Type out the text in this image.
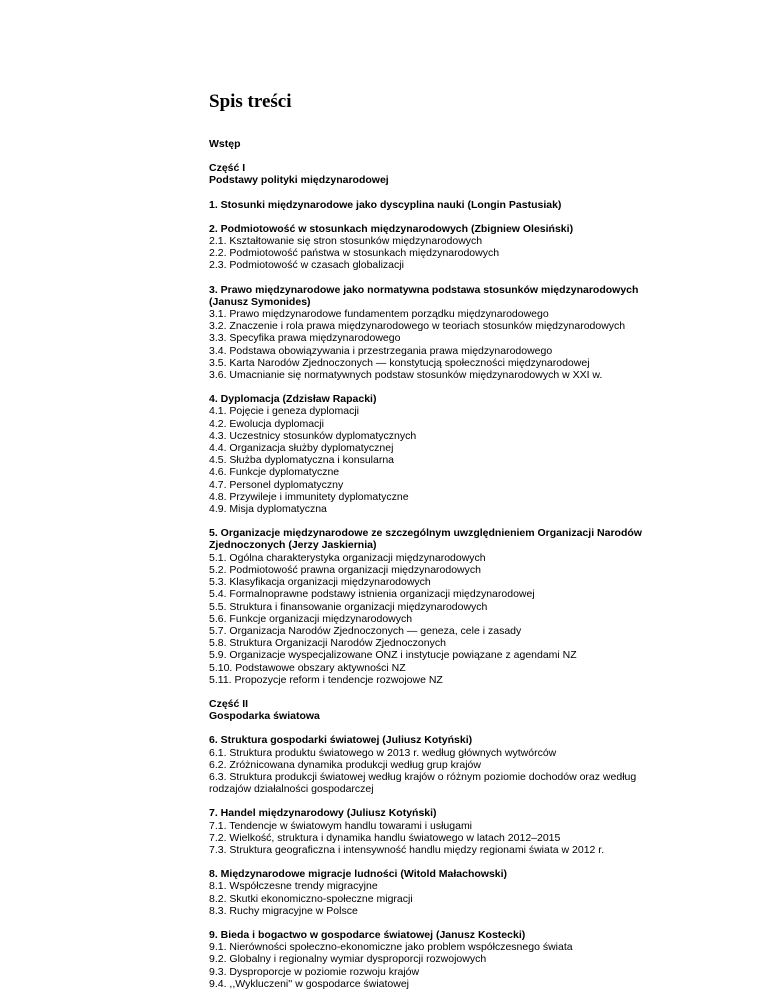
Spis treści
Wstęp
Część I
Podstawy polityki międzynarodowej
1. Stosunki międzynarodowe jako dyscyplina nauki (Longin Pastusiak)
2. Podmiotowość w stosunkach międzynarodowych (Zbigniew Olesiński)
2.1. Kształtowanie się stron stosunków międzynarodowych
2.2. Podmiotowość państwa w stosunkach międzynarodowych
2.3. Podmiotowość w czasach globalizacji
3. Prawo międzynarodowe jako normatywna podstawa stosunków międzynarodowych
(Janusz Symonides)
3.1. Prawo międzynarodowe fundamentem porządku międzynarodowego
3.2. Znaczenie i rola prawa międzynarodowego w teoriach stosunków międzynarodowych
3.3. Specyfika prawa międzynarodowego
3.4. Podstawa obowiązywania i przestrzegania prawa międzynarodowego
3.5. Karta Narodów Zjednoczonych — konstytucją społeczności międzynarodowej
3.6. Umacnianie się normatywnych podstaw stosunków międzynarodowych w XXI w.
4. Dyplomacja (Zdzisław Rapacki)
4.1. Pojęcie i geneza dyplomacji
4.2. Ewolucja dyplomacji
4.3. Uczestnicy stosunków dyplomatycznych
4.4. Organizacja służby dyplomatycznej
4.5. Służba dyplomatyczna i konsularna
4.6. Funkcje dyplomatyczne
4.7. Personel dyplomatyczny
4.8. Przywileje i immunitety dyplomatyczne
4.9. Misja dyplomatyczna
5. Organizacje międzynarodowe ze szczególnym uwzględnieniem Organizacji Narodów
Zjednoczonych (Jerzy Jaskiernia)
5.1. Ogólna charakterystyka organizacji międzynarodowych
5.2. Podmiotowość prawna organizacji międzynarodowych
5.3. Klasyfikacja organizacji międzynarodowych
5.4. Formalnoprawne podstawy istnienia organizacji międzynarodowej
5.5. Struktura i finansowanie organizacji międzynarodowych
5.6. Funkcje organizacji międzynarodowych
5.7. Organizacja Narodów Zjednoczonych — geneza, cele i zasady
5.8. Struktura Organizacji Narodów Zjednoczonych
5.9. Organizacje wyspecjalizowane ONZ i instytucje powiązane z agendami NZ
5.10. Podstawowe obszary aktywności NZ
5.11. Propozycje reform i tendencje rozwojowe NZ
Część II
Gospodarka światowa
6. Struktura gospodarki światowej (Juliusz Kotyński)
6.1. Struktura produktu światowego w 2013 r. według głównych wytwórców
6.2. Zróżnicowana dynamika produkcji według grup krajów
6.3. Struktura produkcji światowej według krajów o różnym poziomie dochodów oraz według
rodzajów działalności gospodarczej
7. Handel międzynarodowy (Juliusz Kotyński)
7.1. Tendencje w światowym handlu towarami i usługami
7.2. Wielkość, struktura i dynamika handlu światowego w latach 2012–2015
7.3. Struktura geograficzna i intensywność handlu między regionami świata w 2012 r.
8. Międzynarodowe migracje ludności (Witold Małachowski)
8.1. Współczesne trendy migracyjne
8.2. Skutki ekonomiczno-społeczne migracji
8.3. Ruchy migracyjne w Polsce
9. Bieda i bogactwo w gospodarce światowej (Janusz Kostecki)
9.1. Nierówności społeczno-ekonomiczne jako problem współczesnego świata
9.2. Globalny i regionalny wymiar dysproporcji rozwojowych
9.3. Dysproporcje w poziomie rozwoju krajów
9.4. ,,Wykluczeni'' w gospodarce światowej
